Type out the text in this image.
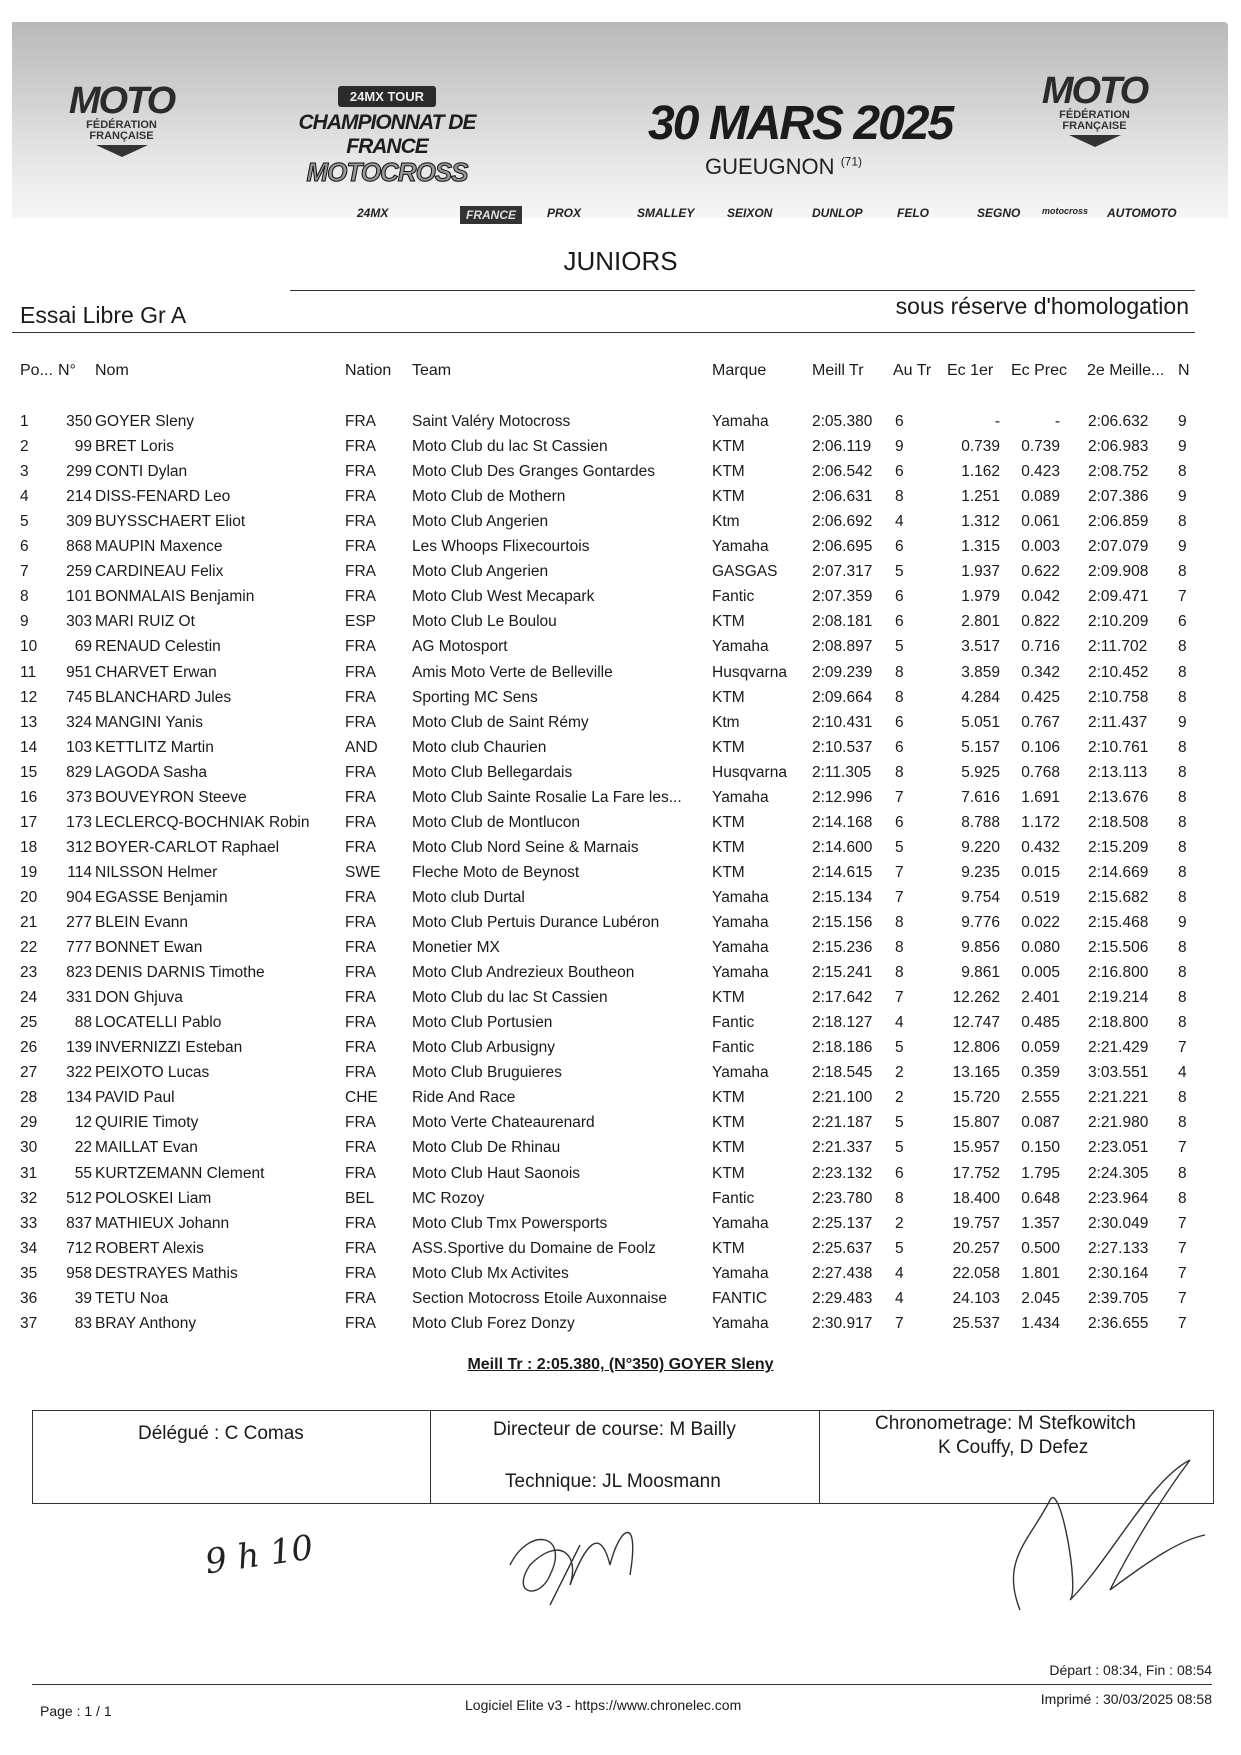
MOTO
FÉDÉRATION
FRANÇAISE
24MX TOUR
CHAMPIONNAT DE FRANCE
MOTOCROSS
30 MARS 2025
GUEUGNON $^{(71)}$
MOTO
FÉDÉRATION
FRANÇAISE
24MX	FRANCE	PROX	SMALLEY	SEIXON	DUNLOP	FELO	SEGNO motocross AUTOMOTO
JUNIORS
Essai Libre Gr A	sous réserve d'homologation
Po... N° Nom	Nation Team	Marque	Meill Tr Au Tr Ec 1er Ec Prec 2e Meille... N
1 350 GOYER Sleny	FRA Saint Valéry Motocross	Yamaha	2:05.380 6	-	- 2:06.632 9
2	99 BRET Loris	FRA Moto Club du lac St Cassien	KTM	2:06.119 9	0.739 0.739 2:06.983 9
3 299 CONTI Dylan	FRA Moto Club Des Granges Gontardes	KTM	2:06.542 6	1.162 0.423 2:08.752 8
4 214 DISS-FENARD Leo	FRA Moto Club de Mothern	KTM	2:06.631 8	1.251 0.089 2:07.386 9
5 309 BUYSSCHAERT Eliot	FRA Moto Club Angerien	Ktm	2:06.692 4	1.312 0.061 2:06.859 8
6 868 MAUPIN Maxence	FRA Les Whoops Flixecourtois	Yamaha	2:06.695 6	1.315 0.003 2:07.079 9
7 259 CARDINEAU Felix	FRA Moto Club Angerien	GASGAS 2:07.317 5	1.937 0.622 2:09.908 8
8 101 BONMALAIS Benjamin	FRA Moto Club West Mecapark	Fantic	2:07.359 6	1.979 0.042 2:09.471 7
9 303 MARI RUIZ Ot	ESP Moto Club Le Boulou	KTM	2:08.181 6	2.801 0.822 2:10.209 6
10 69 RENAUD Celestin	FRA AG Motosport	Yamaha	2:08.897 5	3.517 0.716 2:11.702 8
11 951 CHARVET Erwan	FRA Amis Moto Verte de Belleville	Husqvarna 2:09.239 8	3.859 0.342 2:10.452 8
12 745 BLANCHARD Jules	FRA Sporting MC Sens	KTM	2:09.664 8	4.284 0.425 2:10.758 8
13 324 MANGINI Yanis	FRA Moto Club de Saint Rémy	Ktm	2:10.431 6	5.051 0.767 2:11.437 9
14 103 KETTLITZ Martin	AND Moto club Chaurien	KTM	2:10.537 6	5.157 0.106 2:10.761 8
15 829 LAGODA Sasha	FRA Moto Club Bellegardais	Husqvarna 2:11.305 8	5.925 0.768 2:13.113 8
16 373 BOUVEYRON Steeve	FRA Moto Club Sainte Rosalie La Fare les... Yamaha	2:12.996 7	7.616 1.691 2:13.676 8
17 173 LECLERCQ-BOCHNIAK Robin FRA Moto Club de Montlucon	KTM	2:14.168 6	8.788 1.172 2:18.508 8
18 312 BOYER-CARLOT Raphael	FRA Moto Club Nord Seine & Marnais	KTM	2:14.600 5	9.220 0.432 2:15.209 8
19 114 NILSSON Helmer	SWE Fleche Moto de Beynost	KTM	2:14.615 7	9.235 0.015 2:14.669 8
20 904 EGASSE Benjamin	FRA Moto club Durtal	Yamaha	2:15.134 7	9.754 0.519 2:15.682 8
21 277 BLEIN Evann	FRA Moto Club Pertuis Durance Lubéron	Yamaha	2:15.156 8	9.776 0.022 2:15.468 9
22 777 BONNET Ewan	FRA Monetier MX	Yamaha	2:15.236 8	9.856 0.080 2:15.506 8
23 823 DENIS DARNIS Timothe	FRA Moto Club Andrezieux Boutheon	Yamaha	2:15.241 8	9.861 0.005 2:16.800 8
24 331 DON Ghjuva	FRA Moto Club du lac St Cassien	KTM	2:17.642 7	12.262 2.401 2:19.214 8
25 88 LOCATELLI Pablo	FRA Moto Club Portusien	Fantic	2:18.127 4	12.747 0.485 2:18.800 8
26 139 INVERNIZZI Esteban	FRA Moto Club Arbusigny	Fantic	2:18.186 5	12.806 0.059 2:21.429 7
27 322 PEIXOTO Lucas	FRA Moto Club Bruguieres	Yamaha	2:18.545 2	13.165 0.359 3:03.551 4
28 134 PAVID Paul	CHE Ride And Race	KTM	2:21.100 2	15.720 2.555 2:21.221 8
29 12 QUIRIE Timoty	FRA Moto Verte Chateaurenard	KTM	2:21.187 5	15.807 0.087 2:21.980 8
30 22 MAILLAT Evan	FRA Moto Club De Rhinau	KTM	2:21.337 5	15.957 0.150 2:23.051 7
31 55 KURTZEMANN Clement	FRA Moto Club Haut Saonois	KTM	2:23.132 6	17.752 1.795 2:24.305 8
32 512 POLOSKEI Liam	BEL MC Rozoy	Fantic	2:23.780 8	18.400 0.648 2:23.964 8
33 837 MATHIEUX Johann	FRA Moto Club Tmx Powersports	Yamaha	2:25.137 2	19.757 1.357 2:30.049 7
34 712 ROBERT Alexis	FRA ASS.Sportive du Domaine de Foolz	KTM	2:25.637 5	20.257 0.500 2:27.133 7
35 958 DESTRAYES Mathis	FRA Moto Club Mx Activites	Yamaha	2:27.438 4	22.058 1.801 2:30.164 7
36 39 TETU Noa	FRA Section Motocross Etoile Auxonnaise	FANTIC	2:29.483 4	24.103 2.045 2:39.705 7
37 83 BRAY Anthony	FRA Moto Club Forez Donzy	Yamaha	2:30.917 7	25.537 1.434 2:36.655 7
Meill Tr : 2:05.380, (N°350) GOYER Sleny
Délégué : C Comas	Directeur de course: M Bailly
Technique: JL Moosmann
Chronometrage: M Stefkowitch
K Couffy, D Defez
9 h 10
Départ : 08:34, Fin : 08:54
Page : 1 / 1	Logiciel Elite v3 - https://www.chronelec.com	Imprimé : 30/03/2025 08:58
